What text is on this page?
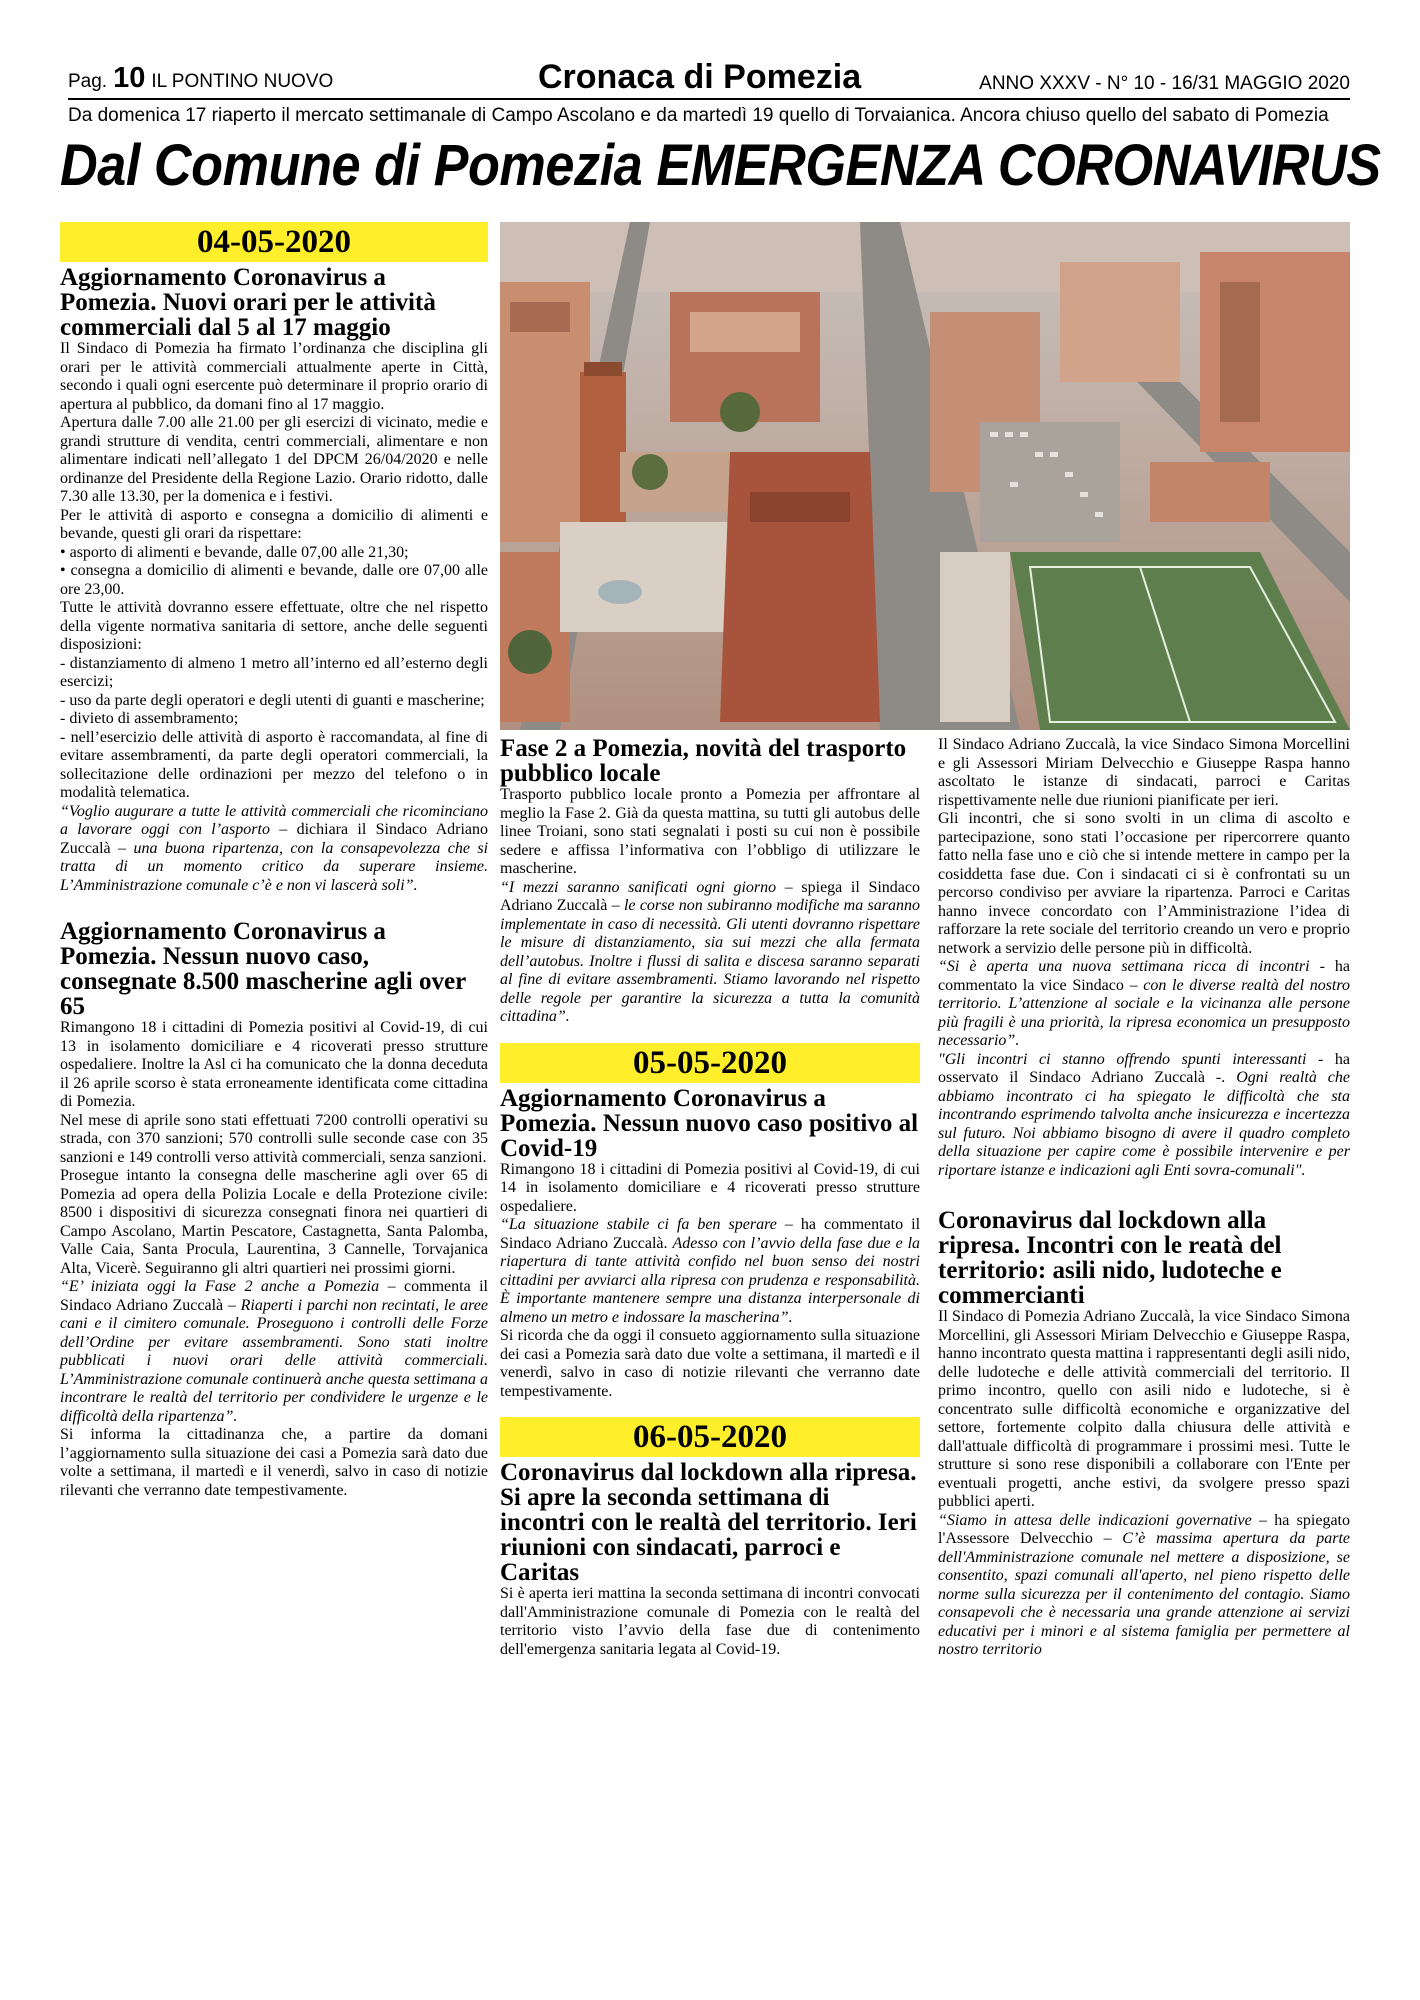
Pag. 10 IL PONTINO NUOVO	Cronaca di Pomezia	ANNO XXXV - N° 10 - 16/31 MAGGIO 2020
Da domenica 17 riaperto il mercato settimanale di Campo Ascolano e da martedì 19 quello di Torvaianica. Ancora chiuso quello del sabato di Pomezia
Dal Comune di Pomezia EMERGENZA CORONAVIRUS
04-05-2020
Aggiornamento Coronavirus a Pomezia. Nuovi orari per le attività commerciali dal 5 al 17 maggio

Il Sindaco di Pomezia ha firmato l’ordinanza che disciplina gli orari per le attività commerciali attualmente aperte in Città, secondo i quali ogni esercente può determinare il proprio orario di apertura al pubblico, da domani fino al 17 maggio.

Apertura dalle 7.00 alle 21.00 per gli esercizi di vicinato, medie e grandi strutture di vendita, centri commerciali, alimentare e non alimentare indicati nell’allegato 1 del DPCM 26/04/2020 e nelle ordinanze del Presidente della Regione Lazio. Orario ridotto, dalle 7.30 alle 13.30, per la domenica e i festivi.

Per le attività di asporto e consegna a domicilio di alimenti e bevande, questi gli orari da rispettare:

• asporto di alimenti e bevande, dalle 07,00 alle 21,30;

• consegna a domicilio di alimenti e bevande, dalle ore 07,00 alle ore 23,00.

Tutte le attività dovranno essere effettuate, oltre che nel rispetto della vigente normativa sanitaria di settore, anche delle seguenti disposizioni:

- distanziamento di almeno 1 metro all’interno ed all’esterno degli esercizi;

- uso da parte degli operatori e degli utenti di guanti e mascherine;

- divieto di assembramento;

- nell’esercizio delle attività di asporto è raccomandata, al fine di evitare assembramenti, da parte degli operatori commerciali, la sollecitazione delle ordinazioni per mezzo del telefono o in modalità telematica.

“Voglio augurare a tutte le attività commerciali che ricominciano a lavorare oggi con l’asporto – dichiara il Sindaco Adriano Zuccalà – una buona ripartenza, con la consapevolezza che si tratta di un momento critico da superare insieme. L’Amministrazione comunale c’è e non vi lascerà soli”.

Aggiornamento Coronavirus a Pomezia. Nessun nuovo caso, consegnate 8.500 mascherine agli over 65

Rimangono 18 i cittadini di Pomezia positivi al Covid-19, di cui 13 in isolamento domiciliare e 4 ricoverati presso strutture ospedaliere. Inoltre la Asl ci ha comunicato che la donna deceduta il 26 aprile scorso è stata erroneamente identificata come cittadina di Pomezia.

Nel mese di aprile sono stati effettuati 7200 controlli operativi su strada, con 370 sanzioni; 570 controlli sulle seconde case con 35 sanzioni e 149 controlli verso attività commerciali, senza sanzioni.

Prosegue intanto la consegna delle mascherine agli over 65 di Pomezia ad opera della Polizia Locale e della Protezione civile: 8500 i dispositivi di sicurezza consegnati finora nei quartieri di Campo Ascolano, Martin Pescatore, Castagnetta, Santa Palomba, Valle Caia, Santa Procula, Laurentina, 3 Cannelle, Torvajanica Alta, Vicerè. Seguiranno gli altri quartieri nei prossimi giorni.

“E’ iniziata oggi la Fase 2 anche a Pomezia – commenta il Sindaco Adriano Zuccalà – Riaperti i parchi non recintati, le aree cani e il cimitero comunale. Proseguono i controlli delle Forze dell’Ordine per evitare assembramenti. Sono stati inoltre pubblicati i nuovi orari delle attività commerciali. L’Amministrazione comunale continuerà anche questa settimana a incontrare le realtà del territorio per condividere le urgenze e le difficoltà della ripartenza”.

Si informa la cittadinanza che, a partire da domani l’aggiornamento sulla situazione dei casi a Pomezia sarà dato due volte a settimana, il martedì e il venerdì, salvo in caso di notizie rilevanti che verranno date tempestivamente.

Fase 2 a Pomezia, novità del trasporto pubblico locale

Trasporto pubblico locale pronto a Pomezia per affrontare al meglio la Fase 2. Già da questa mattina, su tutti gli autobus delle linee Troiani, sono stati segnalati i posti su cui non è possibile sedere e affissa l’informativa con l’obbligo di utilizzare le mascherine.

“I mezzi saranno sanificati ogni giorno – spiega il Sindaco Adriano Zuccalà – le corse non subiranno modifiche ma saranno implementate in caso di necessità. Gli utenti dovranno rispettare le misure di distanziamento, sia sui mezzi che alla fermata dell’autobus. Inoltre i flussi di salita e discesa saranno separati al fine di evitare assembramenti. Stiamo lavorando nel rispetto delle regole per garantire la sicurezza a tutta la comunità cittadina”.

05-05-2020
Aggiornamento Coronavirus a Pomezia. Nessun nuovo caso positivo al Covid-19

Rimangono 18 i cittadini di Pomezia positivi al Covid-19, di cui 14 in isolamento domiciliare e 4 ricoverati presso strutture ospedaliere.

“La situazione stabile ci fa ben sperare – ha commentato il Sindaco Adriano Zuccalà. Adesso con l’avvio della fase due e la riapertura di tante attività confido nel buon senso dei nostri cittadini per avviarci alla ripresa con prudenza e responsabilità. È importante mantenere sempre una distanza interpersonale di almeno un metro e indossare la mascherina”.

Si ricorda che da oggi il consueto aggiornamento sulla situazione dei casi a Pomezia sarà dato due volte a settimana, il martedì e il venerdì, salvo in caso di notizie rilevanti che verranno date tempestivamente.

06-05-2020
Coronavirus dal lockdown alla ripresa. Si apre la seconda settimana di incontri con le realtà del territorio. Ieri riunioni con sindacati, parroci e Caritas

Si è aperta ieri mattina la seconda settimana di incontri convocati dall'Amministrazione comunale di Pomezia con le realtà del territorio visto l’avvio della fase due di contenimento dell'emergenza sanitaria legata al Covid-19.

Il Sindaco Adriano Zuccalà, la vice Sindaco Simona Morcellini e gli Assessori Miriam Delvecchio e Giuseppe Raspa hanno ascoltato le istanze di sindacati, parroci e Caritas rispettivamente nelle due riunioni pianificate per ieri.

Gli incontri, che si sono svolti in un clima di ascolto e partecipazione, sono stati l’occasione per ripercorrere quanto fatto nella fase uno e ciò che si intende mettere in campo per la cosiddetta fase due. Con i sindacati ci si è confrontati su un percorso condiviso per avviare la ripartenza. Parroci e Caritas hanno invece concordato con l’Amministrazione l’idea di rafforzare la rete sociale del territorio creando un vero e proprio network a servizio delle persone più in difficoltà.

“Si è aperta una nuova settimana ricca di incontri - ha commentato la vice Sindaco – con le diverse realtà del nostro territorio. L’attenzione al sociale e la vicinanza alle persone più fragili è una priorità, la ripresa economica un presupposto necessario”.

"Gli incontri ci stanno offrendo spunti interessanti - ha osservato il Sindaco Adriano Zuccalà -. Ogni realtà che abbiamo incontrato ci ha spiegato le difficoltà che sta incontrando esprimendo talvolta anche insicurezza e incertezza sul futuro. Noi abbiamo bisogno di avere il quadro completo della situazione per capire come è possibile intervenire e per riportare istanze e indicazioni agli Enti sovra-comunali".

Coronavirus dal lockdown alla ripresa. Incontri con le reatà del territorio: asili nido, ludoteche e commercianti

Il Sindaco di Pomezia Adriano Zuccalà, la vice Sindaco Simona Morcellini, gli Assessori Miriam Delvecchio e Giuseppe Raspa, hanno incontrato questa mattina i rappresentanti degli asili nido, delle ludoteche e delle attività commerciali del territorio. Il primo incontro, quello con asili nido e ludoteche, si è concentrato sulle difficoltà economiche e organizzative del settore, fortemente colpito dalla chiusura delle attività e dall'attuale difficoltà di programmare i prossimi mesi. Tutte le strutture si sono rese disponibili a collaborare con l'Ente per eventuali progetti, anche estivi, da svolgere presso spazi pubblici aperti.

“Siamo in attesa delle indicazioni governative – ha spiegato l'Assessore Delvecchio – C’è massima apertura da parte dell'Amministrazione comunale nel mettere a disposizione, se consentito, spazi comunali all'aperto, nel pieno rispetto delle norme sulla sicurezza per il contenimento del contagio. Siamo consapevoli che è necessaria una grande attenzione ai servizi educativi per i minori e al sistema famiglia per permettere al nostro territorio
